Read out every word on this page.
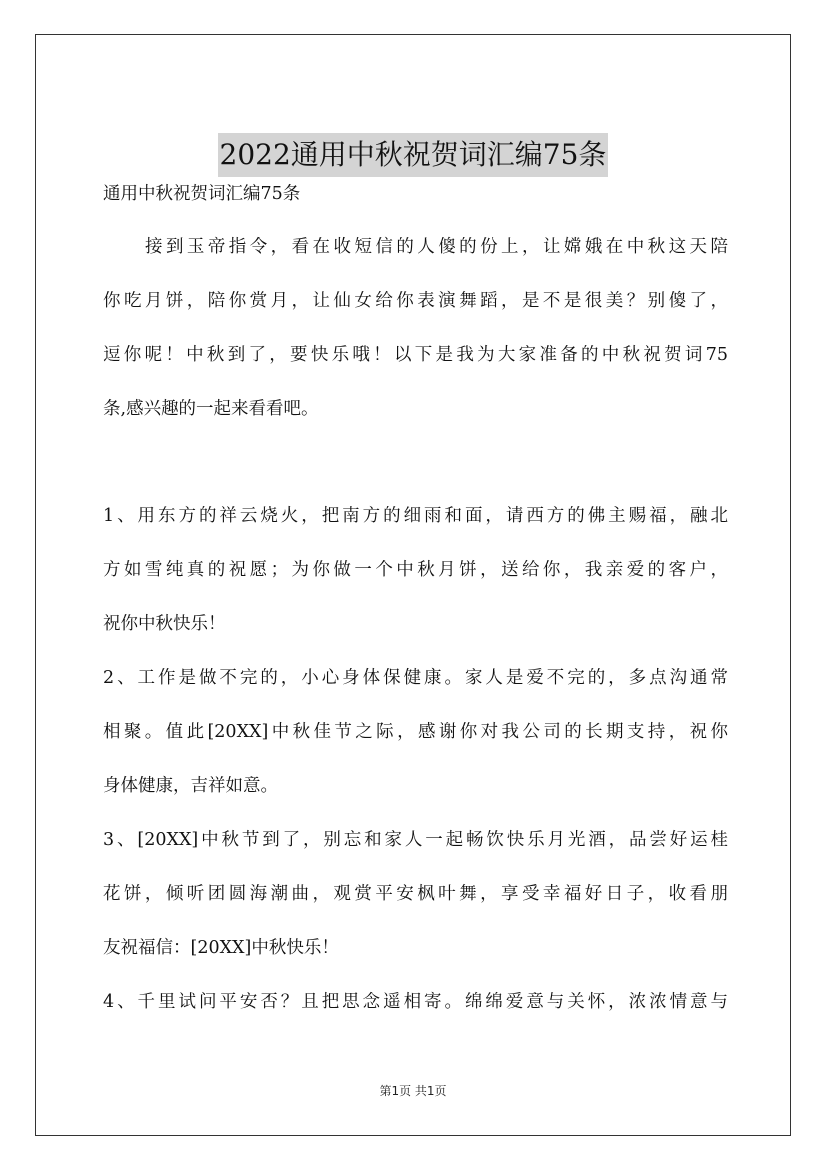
2022通用中秋祝贺词汇编75条
通用中秋祝贺词汇编75条
接到玉帝指令，看在收短信的人傻的份上，让嫦娥在中秋这天陪
你吃月饼，陪你赏月，让仙女给你表演舞蹈，是不是很美？别傻了，
逗你呢！中秋到了，要快乐哦！以下是我为大家准备的中秋祝贺词75
条,感兴趣的一起来看看吧。
1、用东方的祥云烧火，把南方的细雨和面，请西方的佛主赐福，融北
方如雪纯真的祝愿；为你做一个中秋月饼，送给你，我亲爱的客户，
祝你中秋快乐！
2、工作是做不完的，小心身体保健康。家人是爱不完的，多点沟通常
相聚。值此[20XX]中秋佳节之际，感谢你对我公司的长期支持，祝你
身体健康，吉祥如意。
3、[20XX]中秋节到了，别忘和家人一起畅饮快乐月光酒，品尝好运桂
花饼，倾听团圆海潮曲，观赏平安枫叶舞，享受幸福好日子，收看朋
友祝福信：[20XX]中秋快乐！
4、千里试问平安否？且把思念遥相寄。绵绵爱意与关怀，浓浓情意与
第1页 共1页
